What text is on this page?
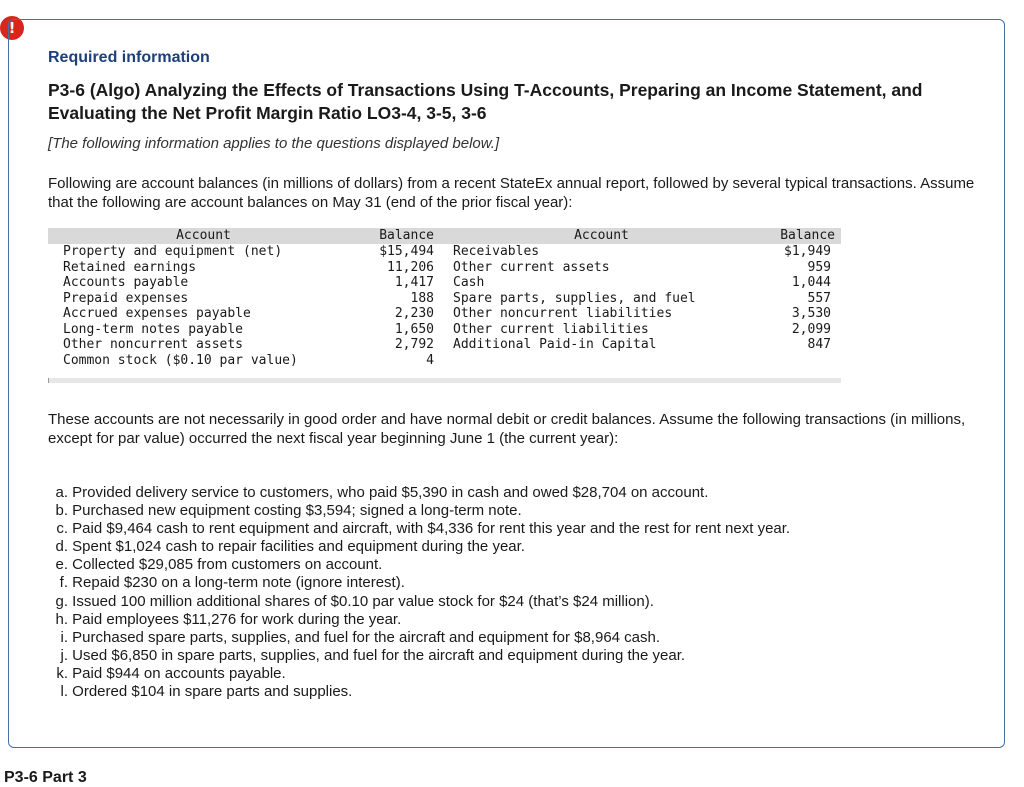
!
Required information
P3-6 (Algo) Analyzing the Effects of Transactions Using T-Accounts, Preparing an Income Statement, and Evaluating the Net Profit Margin Ratio LO3-4, 3-5, 3-6

[The following information applies to the questions displayed below.]

Following are account balances (in millions of dollars) from a recent StateEx annual report, followed by several typical transactions. Assume that the following are account balances on May 31 (end of the prior fiscal year):

Account	Balance	Account	Balance
Property and equipment (net)	$15,494	Receivables	$1,949
Retained earnings	11,206	Other current assets	959
Accounts payable	1,417	Cash	1,044
Prepaid expenses	188	Spare parts, supplies, and fuel	557
Accrued expenses payable	2,230	Other noncurrent liabilities	3,530
Long-term notes payable	1,650	Other current liabilities	2,099
Other noncurrent assets	2,792	Additional Paid-in Capital	847
Common stock ($0.10 par value)	4		

These accounts are not necessarily in good order and have normal debit or credit balances. Assume the following transactions (in millions, except for par value) occurred the next fiscal year beginning June 1 (the current year):

a. Provided delivery service to customers, who paid $5,390 in cash and owed $28,704 on account.
b. Purchased new equipment costing $3,594; signed a long-term note.
c. Paid $9,464 cash to rent equipment and aircraft, with $4,336 for rent this year and the rest for rent next year.
d. Spent $1,024 cash to repair facilities and equipment during the year.
e. Collected $29,085 from customers on account.
f. Repaid $230 on a long-term note (ignore interest).
g. Issued 100 million additional shares of $0.10 par value stock for $24 (that’s $24 million).
h. Paid employees $11,276 for work during the year.
i. Purchased spare parts, supplies, and fuel for the aircraft and equipment for $8,964 cash.
j. Used $6,850 in spare parts, supplies, and fuel for the aircraft and equipment during the year.
k. Paid $944 on accounts payable.
l. Ordered $104 in spare parts and supplies.

P3-6 Part 3
